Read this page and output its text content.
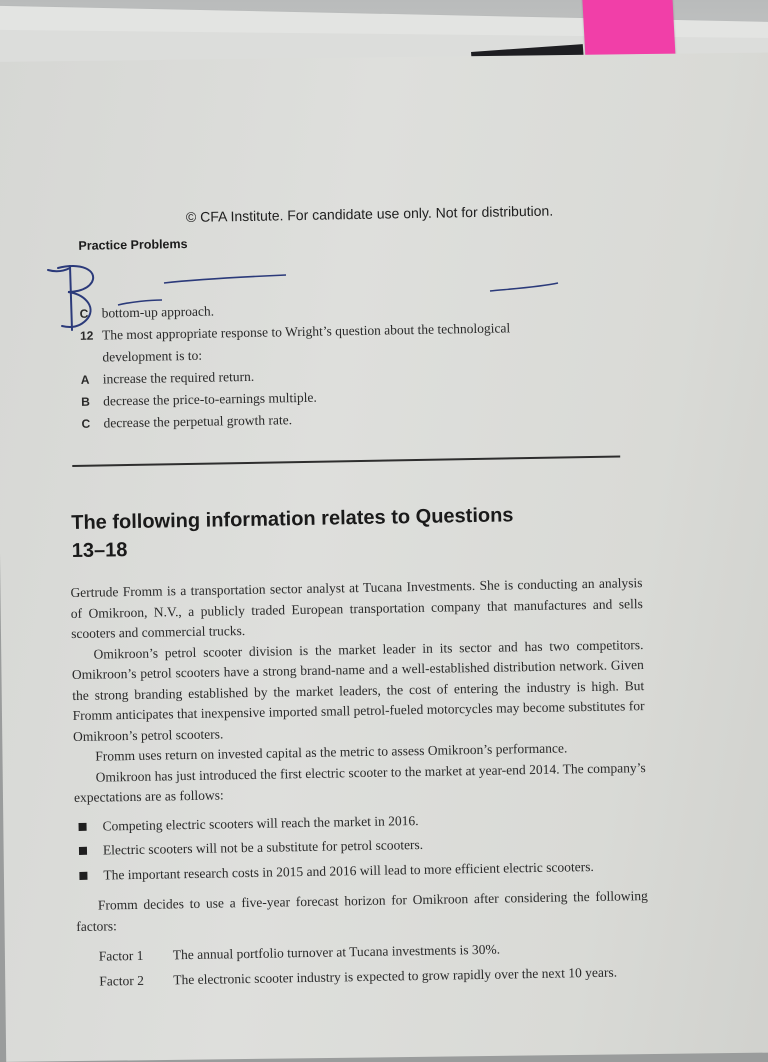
© CFA Institute. For candidate use only. Not for distribution.
Practice Problems
C bottom-up approach.
12 The most appropriate response to Wright’s question about the technological
development is to:
A increase the required return.
B decrease the price-to-earnings multiple.
C decrease the perpetual growth rate.
The following information relates to Questions
13–18

Gertrude Fromm is a transportation sector analyst at Tucana Investments. She is conducting an analysis of Omikroon, N.V., a publicly traded European transportation company that manufactures and sells scooters and commercial trucks.

Omikroon’s petrol scooter division is the market leader in its sector and has two competitors. Omikroon’s petrol scooters have a strong brand-name and a well-established distribution network. Given the strong branding established by the market leaders, the cost of entering the industry is high. But Fromm anticipates that inexpensive imported small petrol-fueled motorcycles may become substitutes for Omikroon’s petrol scooters.

Fromm uses return on invested capital as the metric to assess Omikroon’s performance.

Omikroon has just introduced the first electric scooter to the market at year-end 2014. The company’s expectations are as follows:

Competing electric scooters will reach the market in 2016.
Electric scooters will not be a substitute for petrol scooters.
The important research costs in 2015 and 2016 will lead to more efficient electric scooters.

Fromm decides to use a five-year forecast horizon for Omikroon after considering the following factors:

Factor 1 The annual portfolio turnover at Tucana investments is 30%.
Factor 2 The electronic scooter industry is expected to grow rapidly over the next 10 years.
